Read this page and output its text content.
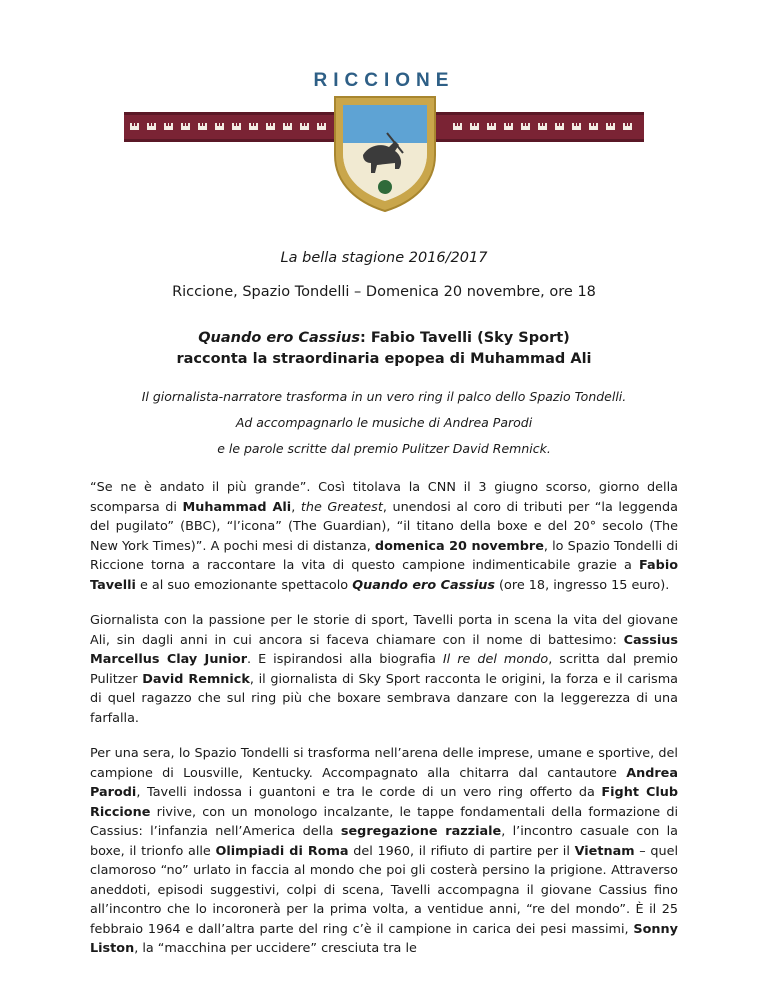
RICCIONE

La bella stagione 2016/2017

Riccione, Spazio Tondelli – Domenica 20 novembre, ore 18

Quando ero Cassius: Fabio Tavelli (Sky Sport)
racconta la straordinaria epopea di Muhammad Ali

Il giornalista-narratore trasforma in un vero ring il palco dello Spazio Tondelli.

Ad accompagnarlo le musiche di Andrea Parodi

e le parole scritte dal premio Pulitzer David Remnick.

“Se ne è andato il più grande”. Così titolava la CNN il 3 giugno scorso, giorno della scomparsa di Muhammad Ali, the Greatest, unendosi al coro di tributi per “la leggenda del pugilato” (BBC), “l’icona” (The Guardian), “il titano della boxe e del 20° secolo (The New York Times)”. A pochi mesi di distanza, domenica 20 novembre, lo Spazio Tondelli di Riccione torna a raccontare la vita di questo campione indimenticabile grazie a Fabio Tavelli e al suo emozionante spettacolo Quando ero Cassius (ore 18, ingresso 15 euro).

Giornalista con la passione per le storie di sport, Tavelli porta in scena la vita del giovane Ali, sin dagli anni in cui ancora si faceva chiamare con il nome di battesimo: Cassius Marcellus Clay Junior. E ispirandosi alla biografia Il re del mondo, scritta dal premio Pulitzer David Remnick, il giornalista di Sky Sport racconta le origini, la forza e il carisma di quel ragazzo che sul ring più che boxare sembrava danzare con la leggerezza di una farfalla.

Per una sera, lo Spazio Tondelli si trasforma nell’arena delle imprese, umane e sportive, del campione di Lousville, Kentucky. Accompagnato alla chitarra dal cantautore Andrea Parodi, Tavelli indossa i guantoni e tra le corde di un vero ring offerto da Fight Club Riccione rivive, con un monologo incalzante, le tappe fondamentali della formazione di Cassius: l’infanzia nell’America della segregazione razziale, l’incontro casuale con la boxe, il trionfo alle Olimpiadi di Roma del 1960, il rifiuto di partire per il Vietnam – quel clamoroso “no” urlato in faccia al mondo che poi gli costerà persino la prigione. Attraverso aneddoti, episodi suggestivi, colpi di scena, Tavelli accompagna il giovane Cassius fino all’incontro che lo incoronerà per la prima volta, a ventidue anni, “re del mondo”. È il 25 febbraio 1964 e dall’altra parte del ring c’è il campione in carica dei pesi massimi, Sonny Liston, la “macchina per uccidere” cresciuta tra le
